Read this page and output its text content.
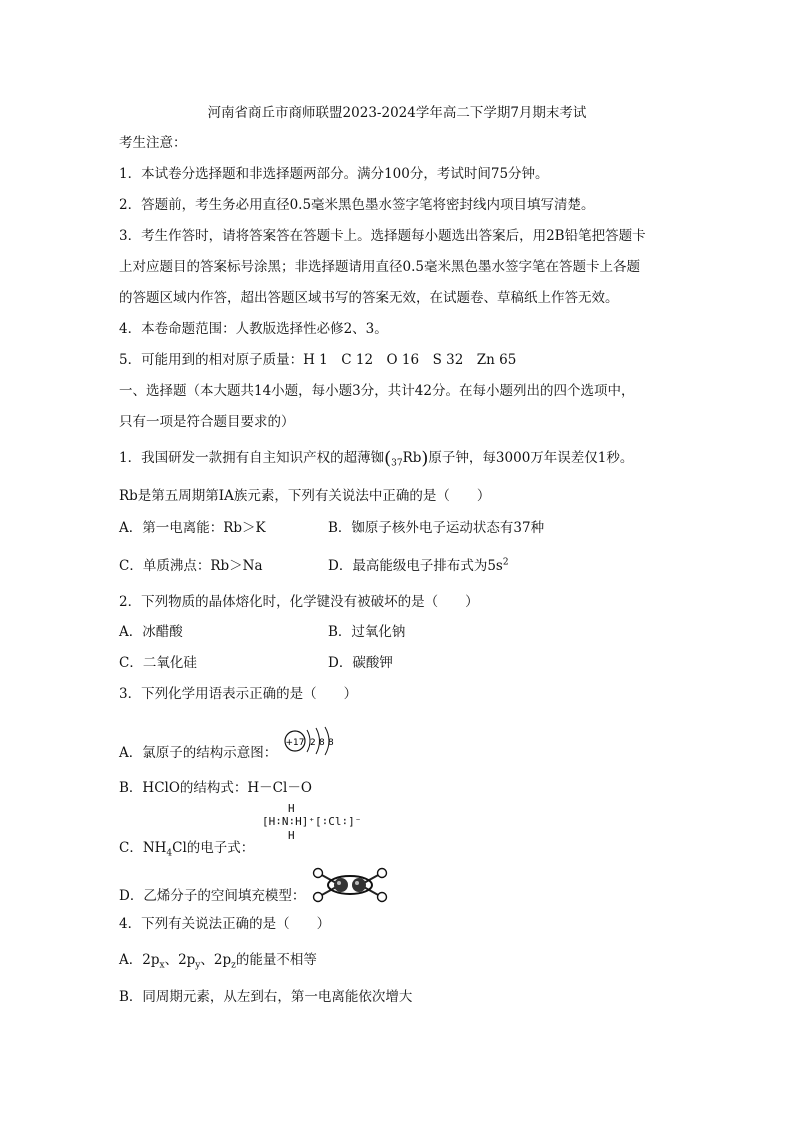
河南省商丘市商师联盟2023-2024学年高二下学期7月期末考试
考生注意：
1．本试卷分选择题和非选择题两部分。满分100分，考试时间75分钟。
2．答题前，考生务必用直径0.5毫米黑色墨水签字笔将密封线内项目填写清楚。
3．考生作答时，请将答案答在答题卡上。选择题每小题选出答案后，用2B铅笔把答题卡
上对应题目的答案标号涂黑；非选择题请用直径0.5毫米黑色墨水签字笔在答题卡上各题
的答题区域内作答，超出答题区域书写的答案无效，在试题卷、草稿纸上作答无效。
4．本卷命题范围：人教版选择性必修2、3。
5．可能用到的相对原子质量：H 1　C 12　O 16　S 32　Zn 65
一、选择题（本大题共14小题，每小题3分，共计42分。在每小题列出的四个选项中，
只有一项是符合题目要求的）
1．我国研发一款拥有自主知识产权的超薄铷$(_{37}Rb)$原子钟，每3000万年误差仅1秒。
Rb是第五周期第ⅠA族元素，下列有关说法中正确的是（　　）
A．第一电离能：Rb＞K	B．铷原子核外电子运动状态有37种
C．单质沸点：Rb＞Na	D．最高能级电子排布式为$5s^2$
2．下列物质的晶体熔化时，化学键没有被破坏的是（　　）
A．冰醋酸	B．过氧化钠
C．二氧化硅	D．碳酸钾
3．下列化学用语表示正确的是（　　）
A．氯原子的结构示意图：
+17 2 8 8
B．HClO的结构式：H－Cl－O
H
[H∶N∶H]⁺[∶Cl∶]⁻
H
C．$NH_4Cl$的电子式：
D．乙烯分子的空间填充模型：
4．下列有关说法正确的是（　　）
A．$2p_x$、$2p_y$、$2p_z$的能量不相等
B．同周期元素，从左到右，第一电离能依次增大
